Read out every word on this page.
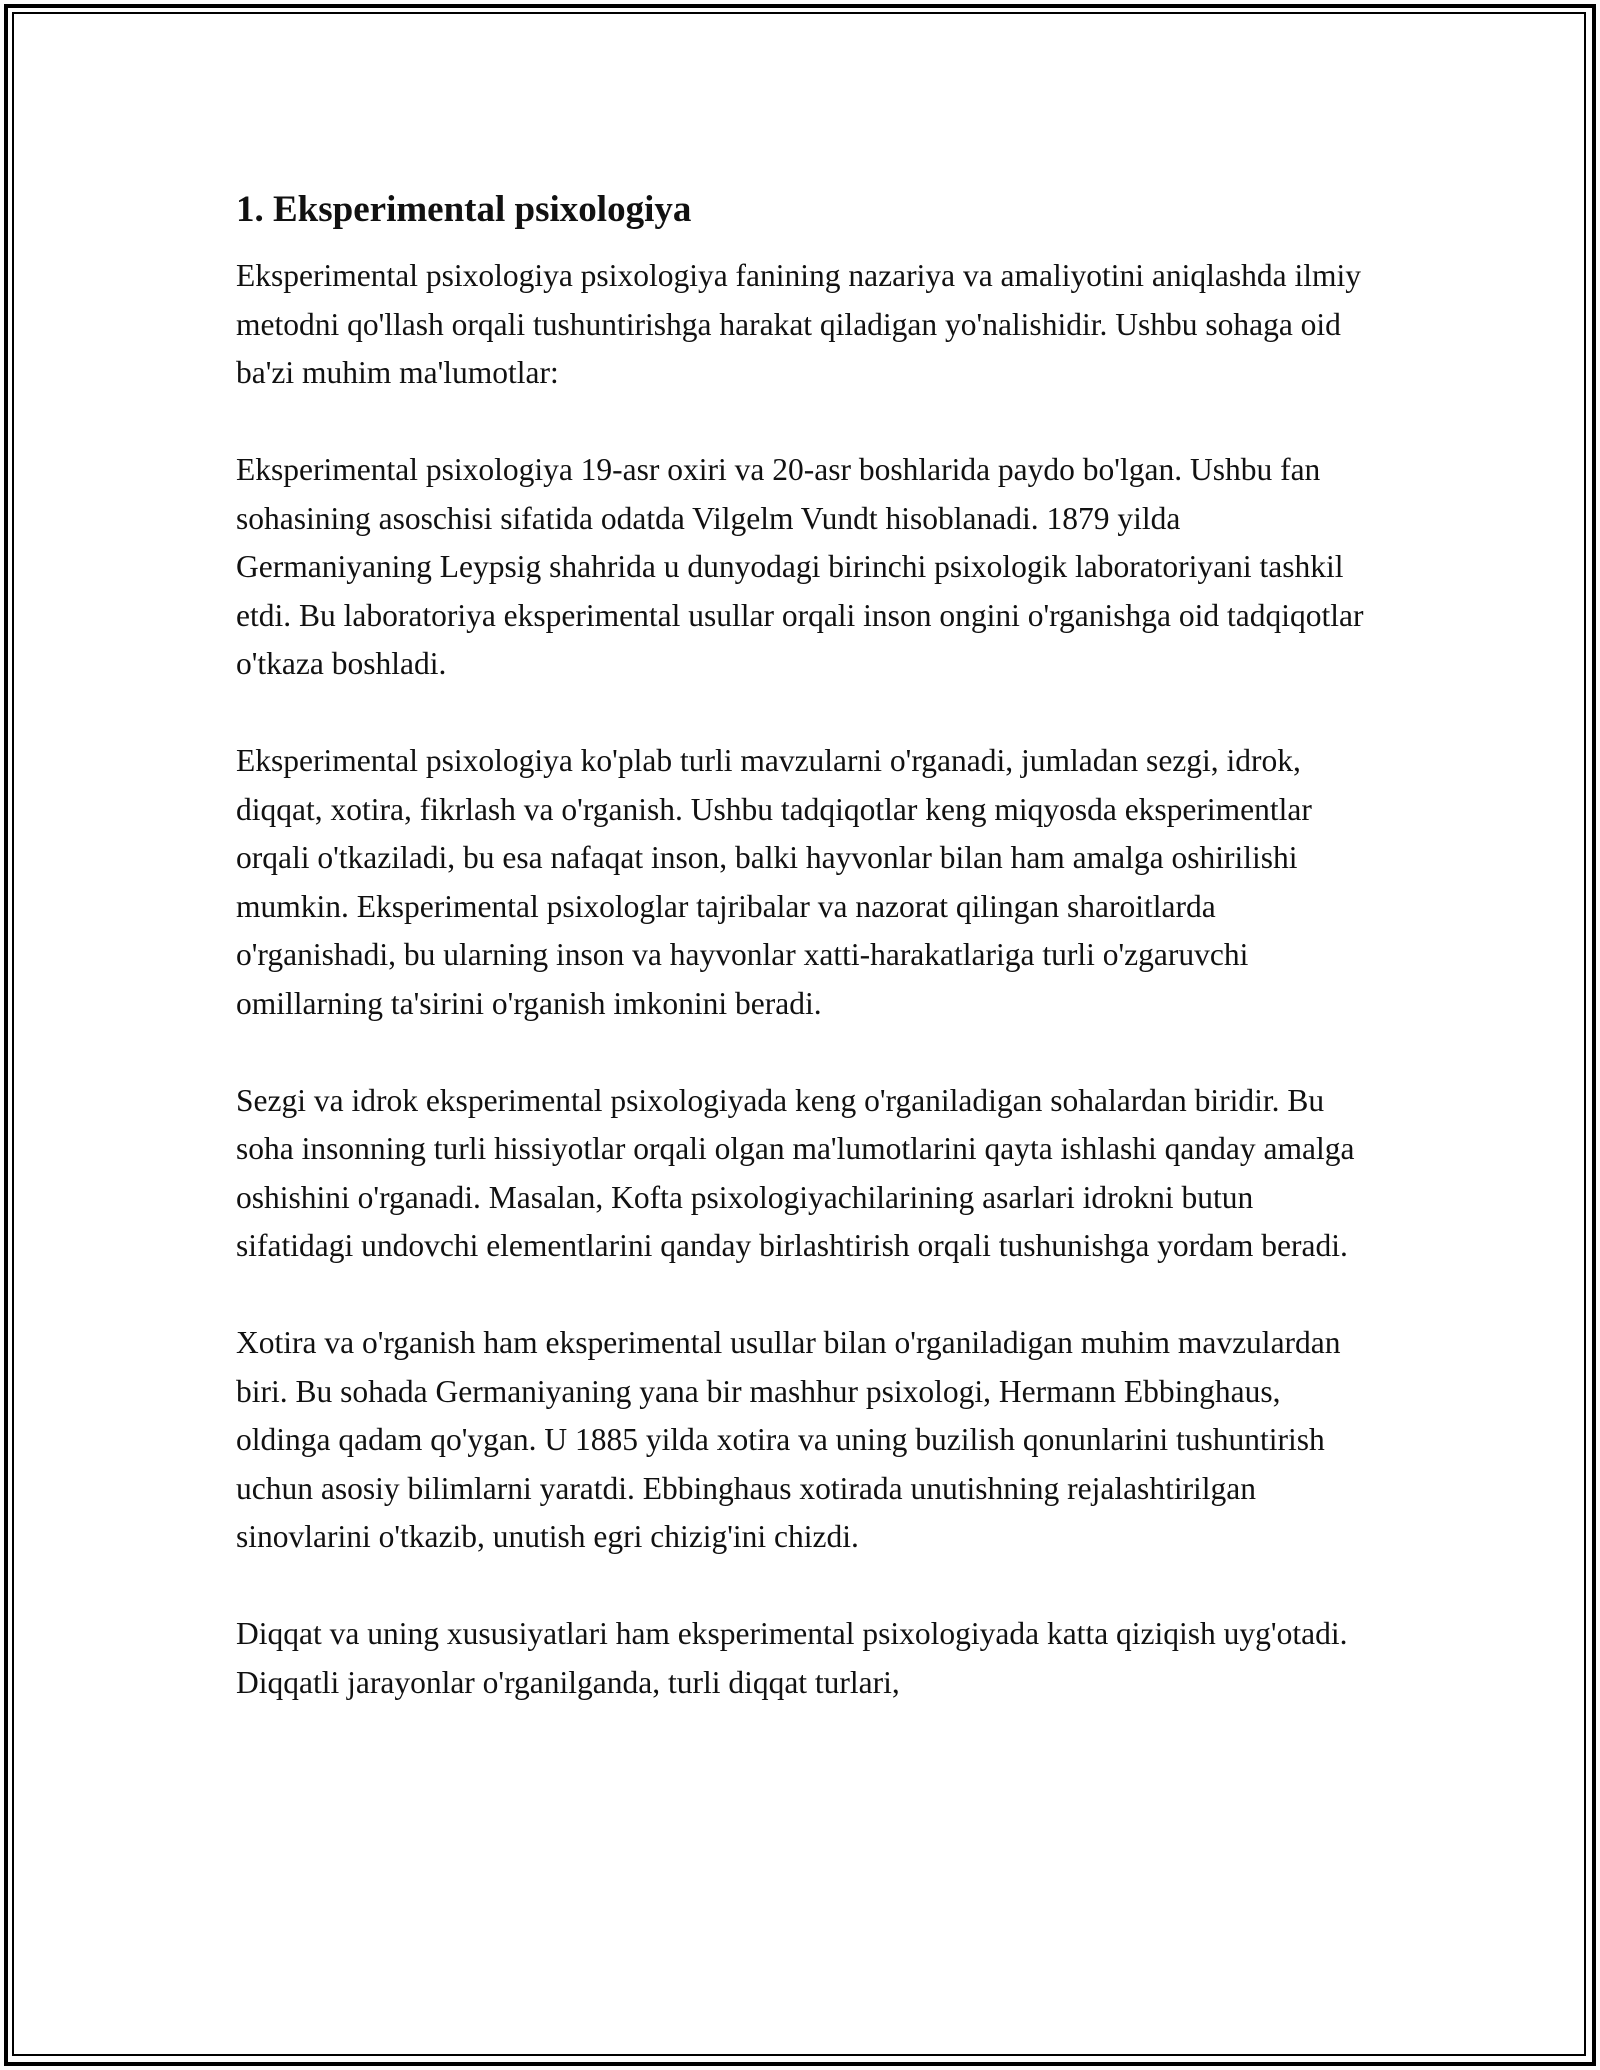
1. Eksperimental psixologiya

Eksperimental psixologiya psixologiya fanining nazariya va amaliyotini aniqlashda ilmiy metodni qo'llash orqali tushuntirishga harakat qiladigan yo'nalishidir. Ushbu sohaga oid ba'zi muhim ma'lumotlar:

Eksperimental psixologiya 19-asr oxiri va 20-asr boshlarida paydo bo'lgan. Ushbu fan sohasining asoschisi sifatida odatda Vilgelm Vundt hisoblanadi. 1879 yilda Germaniyaning Leypsig shahrida u dunyodagi birinchi psixologik laboratoriyani tashkil etdi. Bu laboratoriya eksperimental usullar orqali inson ongini o'rganishga oid tadqiqotlar o'tkaza boshladi.

Eksperimental psixologiya ko'plab turli mavzularni o'rganadi, jumladan sezgi, idrok, diqqat, xotira, fikrlash va o'rganish. Ushbu tadqiqotlar keng miqyosda eksperimentlar orqali o'tkaziladi, bu esa nafaqat inson, balki hayvonlar bilan ham amalga oshirilishi mumkin. Eksperimental psixologlar tajribalar va nazorat qilingan sharoitlarda o'rganishadi, bu ularning inson va hayvonlar xatti-harakatlariga turli o'zgaruvchi omillarning ta'sirini o'rganish imkonini beradi.

Sezgi va idrok eksperimental psixologiyada keng o'rganiladigan sohalardan biridir. Bu soha insonning turli hissiyotlar orqali olgan ma'lumotlarini qayta ishlashi qanday amalga oshishini o'rganadi. Masalan, Kofta psixologiyachilarining asarlari idrokni butun sifatidagi undovchi elementlarini qanday birlashtirish orqali tushunishga yordam beradi.

Xotira va o'rganish ham eksperimental usullar bilan o'rganiladigan muhim mavzulardan biri. Bu sohada Germaniyaning yana bir mashhur psixologi, Hermann Ebbinghaus, oldinga qadam qo'ygan. U 1885 yilda xotira va uning buzilish qonunlarini tushuntirish uchun asosiy bilimlarni yaratdi. Ebbinghaus xotirada unutishning rejalashtirilgan sinovlarini o'tkazib, unutish egri chizig'ini chizdi.

Diqqat va uning xususiyatlari ham eksperimental psixologiyada katta qiziqish uyg'otadi. Diqqatli jarayonlar o'rganilganda, turli diqqat turlari,
